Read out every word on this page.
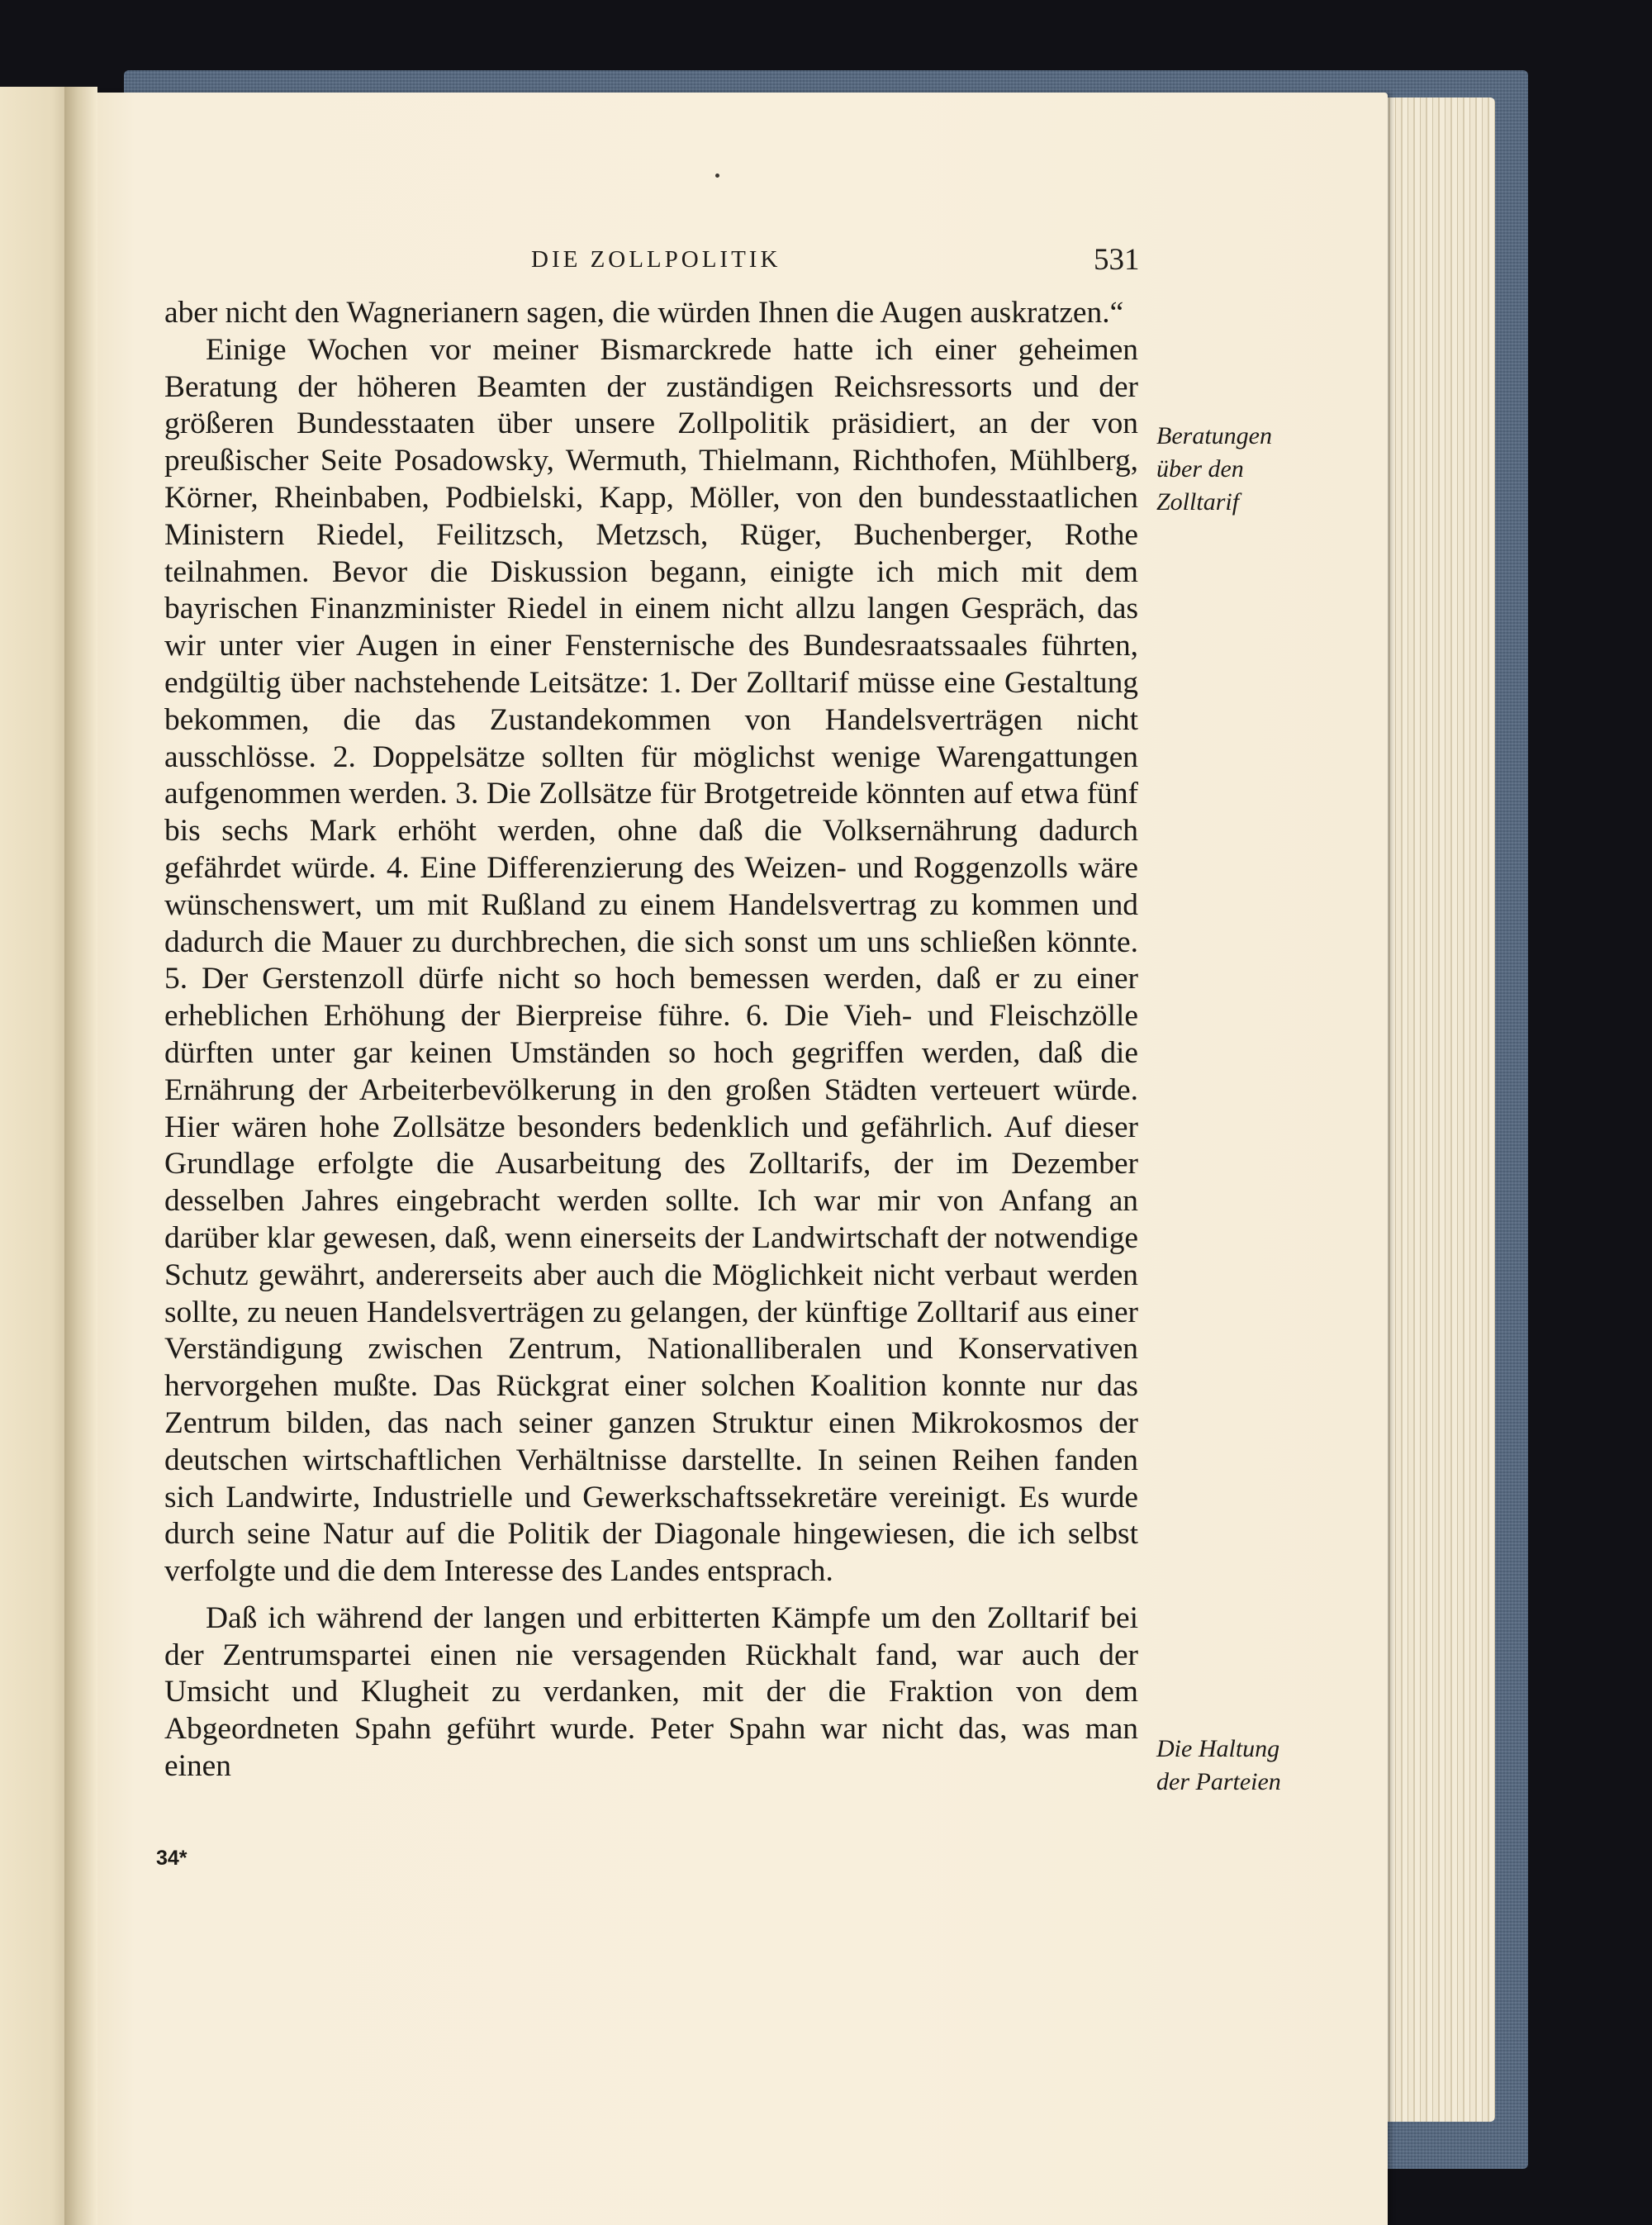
DIE ZOLLPOLITIK	531

aber nicht den Wagnerianern sagen, die würden Ihnen die Augen auskratzen.“

Einige Wochen vor meiner Bismarckrede hatte ich einer geheimen Beratung der höheren Beamten der zuständigen Reichsressorts und der größeren Bundesstaaten über unsere Zollpolitik präsidiert, an der von preußischer Seite Posadowsky, Wermuth, Thielmann, Richthofen, Mühlberg, Körner, Rheinbaben, Podbielski, Kapp, Möller, von den bundesstaatlichen Ministern Riedel, Feilitzsch, Metzsch, Rüger, Buchenberger, Rothe teilnahmen. Bevor die Diskussion begann, einigte ich mich mit dem bayrischen Finanzminister Riedel in einem nicht allzu langen Gespräch, das wir unter vier Augen in einer Fensternische des Bundesraatssaales führten, endgültig über nachstehende Leitsätze: 1. Der Zolltarif müsse eine Gestaltung bekommen, die das Zustandekommen von Handelsverträgen nicht ausschlösse. 2. Doppelsätze sollten für möglichst wenige Warengattungen aufgenommen werden. 3. Die Zollsätze für Brotgetreide könnten auf etwa fünf bis sechs Mark erhöht werden, ohne daß die Volksernährung dadurch gefährdet würde. 4. Eine Differenzierung des Weizen- und Roggenzolls wäre wünschenswert, um mit Rußland zu einem Handelsvertrag zu kommen und dadurch die Mauer zu durchbrechen, die sich sonst um uns schließen könnte. 5. Der Gerstenzoll dürfe nicht so hoch bemessen werden, daß er zu einer erheblichen Erhöhung der Bierpreise führe. 6. Die Vieh- und Fleischzölle dürften unter gar keinen Umständen so hoch gegriffen werden, daß die Ernährung der Arbeiterbevölkerung in den großen Städten verteuert würde. Hier wären hohe Zollsätze besonders bedenklich und gefährlich. Auf dieser Grundlage erfolgte die Ausarbeitung des Zolltarifs, der im Dezember desselben Jahres eingebracht werden sollte. Ich war mir von Anfang an darüber klar gewesen, daß, wenn einerseits der Landwirtschaft der notwendige Schutz gewährt, andererseits aber auch die Möglichkeit nicht verbaut werden sollte, zu neuen Handelsverträgen zu gelangen, der künftige Zolltarif aus einer Verständigung zwischen Zentrum, Nationalliberalen und Konservativen hervorgehen mußte. Das Rückgrat einer solchen Koalition konnte nur das Zentrum bilden, das nach seiner ganzen Struktur einen Mikrokosmos der deutschen wirtschaftlichen Verhältnisse darstellte. In seinen Reihen fanden sich Landwirte, Industrielle und Gewerkschaftssekretäre vereinigt. Es wurde durch seine Natur auf die Politik der Diagonale hingewiesen, die ich selbst verfolgte und die dem Interesse des Landes entsprach.

Daß ich während der langen und erbitterten Kämpfe um den Zolltarif bei der Zentrumspartei einen nie versagenden Rückhalt fand, war auch der Umsicht und Klugheit zu verdanken, mit der die Fraktion von dem Abgeordneten Spahn geführt wurde. Peter Spahn war nicht das, was man einen

Beratungen
über den
Zolltarif
Die Haltung
der Parteien
34*
